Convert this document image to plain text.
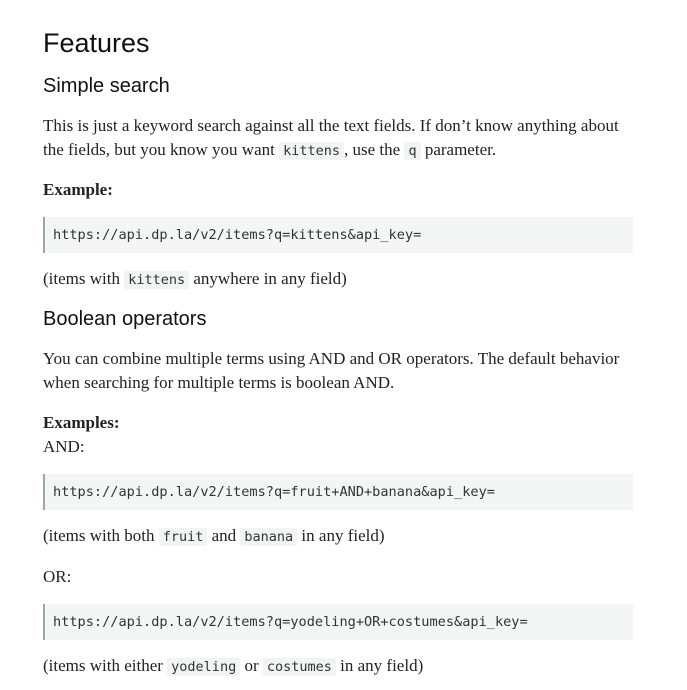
Features
Simple search

This is just a keyword search against all the text fields. If don’t know anything about the fields, but you know you want kittens , use the q parameter.

Example:

https://api.dp.la/v2/items?q=kittens&api_key=

(items with kittens anywhere in any field)

Boolean operators

You can combine multiple terms using AND and OR operators. The default behavior when searching for multiple terms is boolean AND.

Examples:

AND:

https://api.dp.la/v2/items?q=fruit+AND+banana&api_key=

(items with both fruit and banana in any field)

OR:

https://api.dp.la/v2/items?q=yodeling+OR+costumes&api_key=

(items with either yodeling or costumes in any field)
